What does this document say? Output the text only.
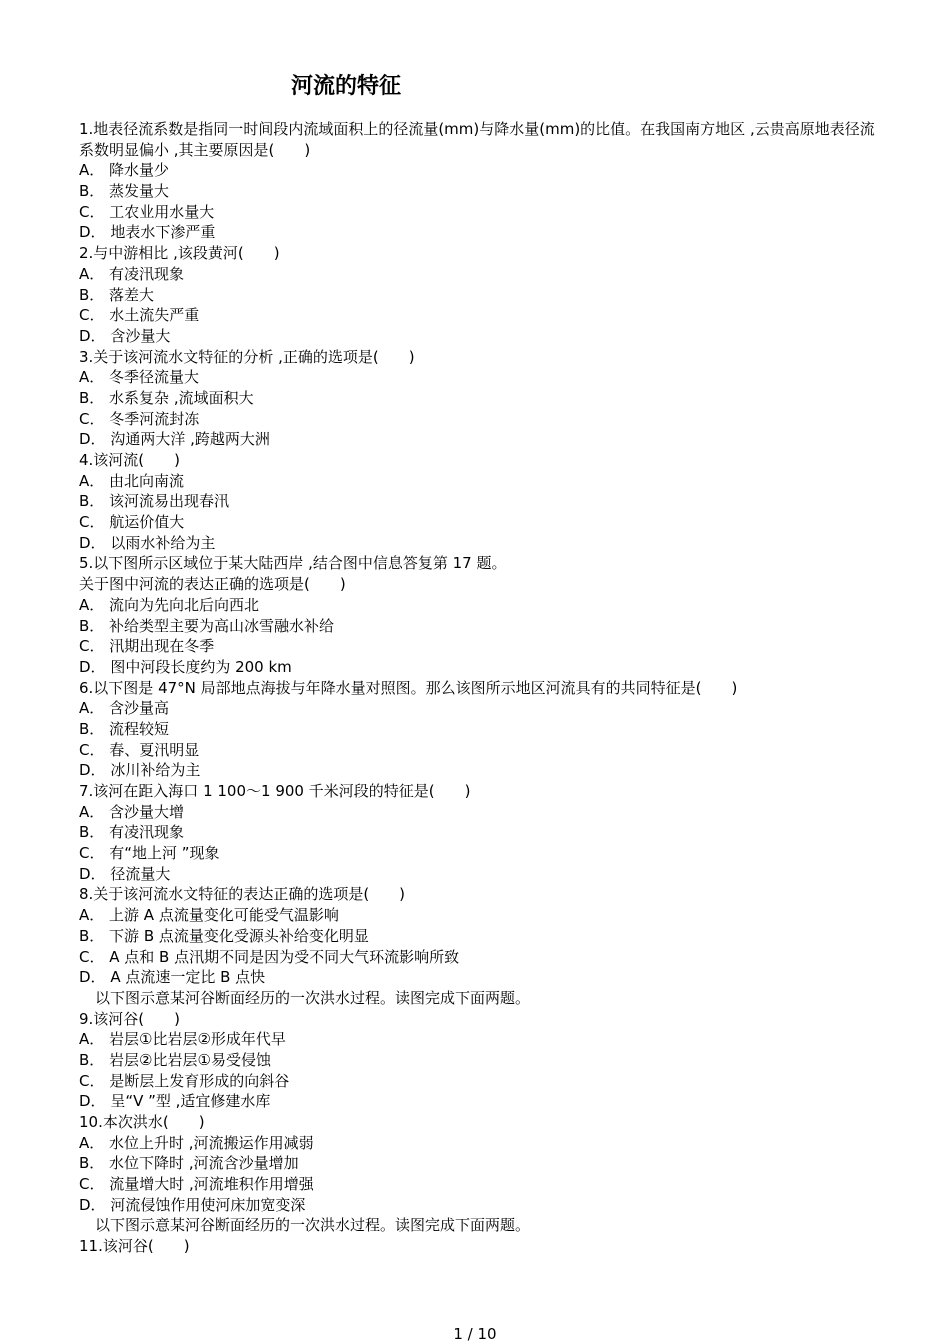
河流的特征
1.地表径流系数是指同一时间段内流域面积上的径流量(mm)与降水量(mm)的比值。在我国南方地区 ,云贵高原地表径流系数明显偏小 ,其主要原因是(　　)
A． 降水量少
B． 蒸发量大
C． 工农业用水量大
D． 地表水下渗严重
2.与中游相比 ,该段黄河(　　)
A． 有凌汛现象
B． 落差大
C． 水土流失严重
D． 含沙量大
3.关于该河流水文特征的分析 ,正确的选项是(　　)
A． 冬季径流量大
B． 水系复杂 ,流域面积大
C． 冬季河流封冻
D． 沟通两大洋 ,跨越两大洲
4.该河流(　　)
A． 由北向南流
B． 该河流易出现春汛
C． 航运价值大
D． 以雨水补给为主
5.以下图所示区域位于某大陆西岸 ,结合图中信息答复第 17 题。
关于图中河流的表达正确的选项是(　　)
A． 流向为先向北后向西北
B． 补给类型主要为高山冰雪融水补给
C． 汛期出现在冬季
D． 图中河段长度约为 200 km
6.以下图是 47°N 局部地点海拔与年降水量对照图。那么该图所示地区河流具有的共同特征是(　　)
A． 含沙量高
B． 流程较短
C． 春、夏汛明显
D． 冰川补给为主
7.该河在距入海口 1 100～1 900 千米河段的特征是(　　)
A． 含沙量大增
B． 有凌汛现象
C． 有“地上河 ”现象
D． 径流量大
8.关于该河流水文特征的表达正确的选项是(　　)
A． 上游 A 点流量变化可能受气温影响
B． 下游 B 点流量变化受源头补给变化明显
C． A 点和 B 点汛期不同是因为受不同大气环流影响所致
D． A 点流速一定比 B 点快
以下图示意某河谷断面经历的一次洪水过程。读图完成下面两题。
9.该河谷(　　)
A． 岩层①比岩层②形成年代早
B． 岩层②比岩层①易受侵蚀
C． 是断层上发育形成的向斜谷
D． 呈“V ”型 ,适宜修建水库
10.本次洪水(　　)
A． 水位上升时 ,河流搬运作用减弱
B． 水位下降时 ,河流含沙量增加
C． 流量增大时 ,河流堆积作用增强
D． 河流侵蚀作用使河床加宽变深
以下图示意某河谷断面经历的一次洪水过程。读图完成下面两题。
11.该河谷(　　)
1 / 10
